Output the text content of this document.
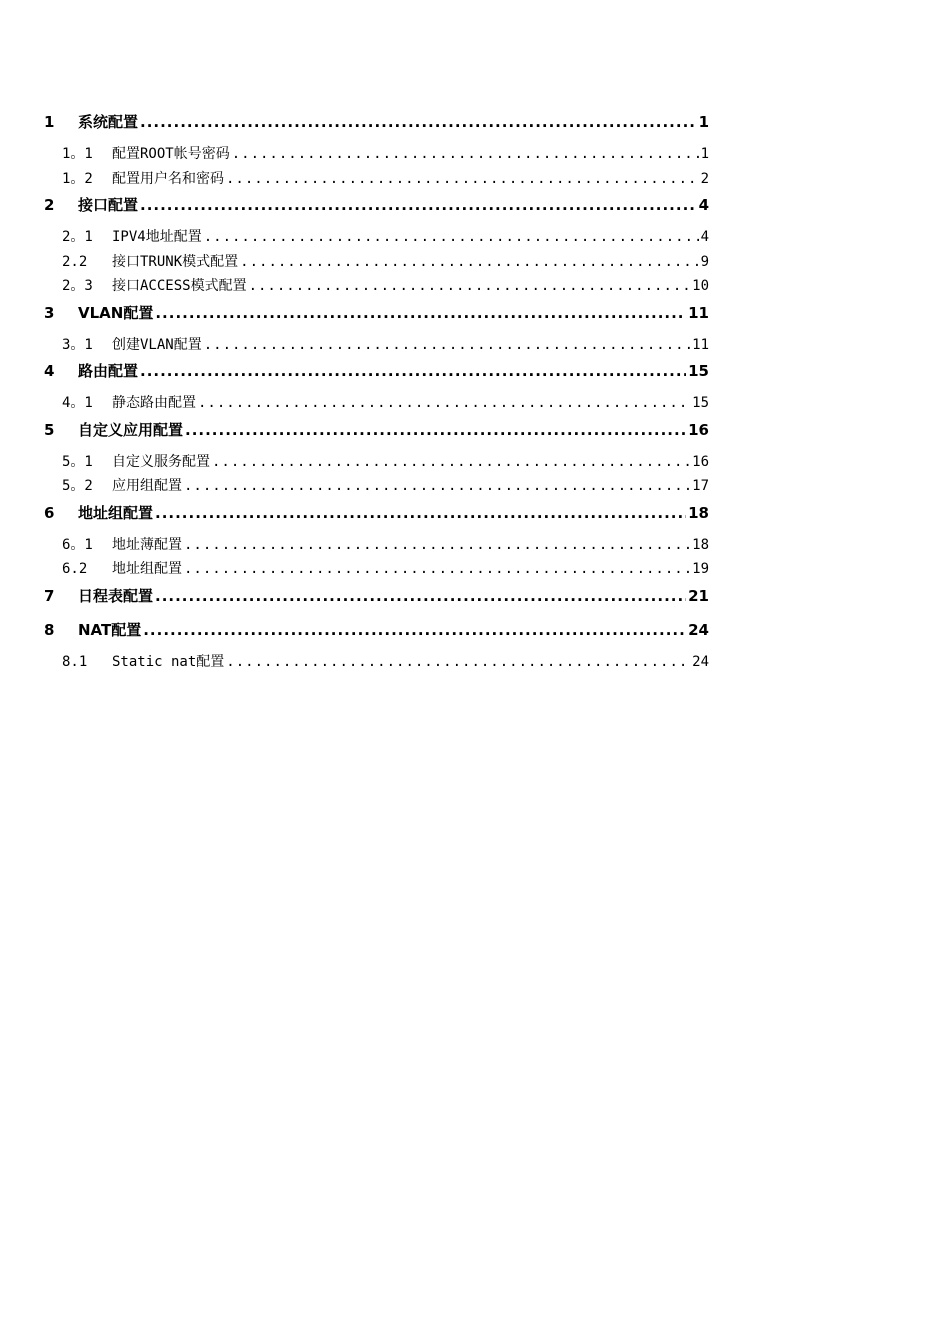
1	系统配置 .....	1
1。1	配置ROOT帐号密码 .....	1
1。2	配置用户名和密码 .....	2
2	接口配置 .....	4
2。1	IPV4地址配置 .....	4
2.2	接口TRUNK模式配置 .....	9
2。3	接口ACCESS模式配置 .....	10
3	VLAN配置 .....	11
3。1	创建VLAN配置 .....	11
4	路由配置 .....	15
4。1	静态路由配置 .....	15
5	自定义应用配置 .....	16
5。1	自定义服务配置 .....	16
5。2	应用组配置 .....	17
6	地址组配置 .....	18
6。1	地址薄配置 .....	18
6.2	地址组配置 .....	19
7	日程表配置 .....	21
8	NAT配置 .....	24
8.1	Static nat配置 .....	24
